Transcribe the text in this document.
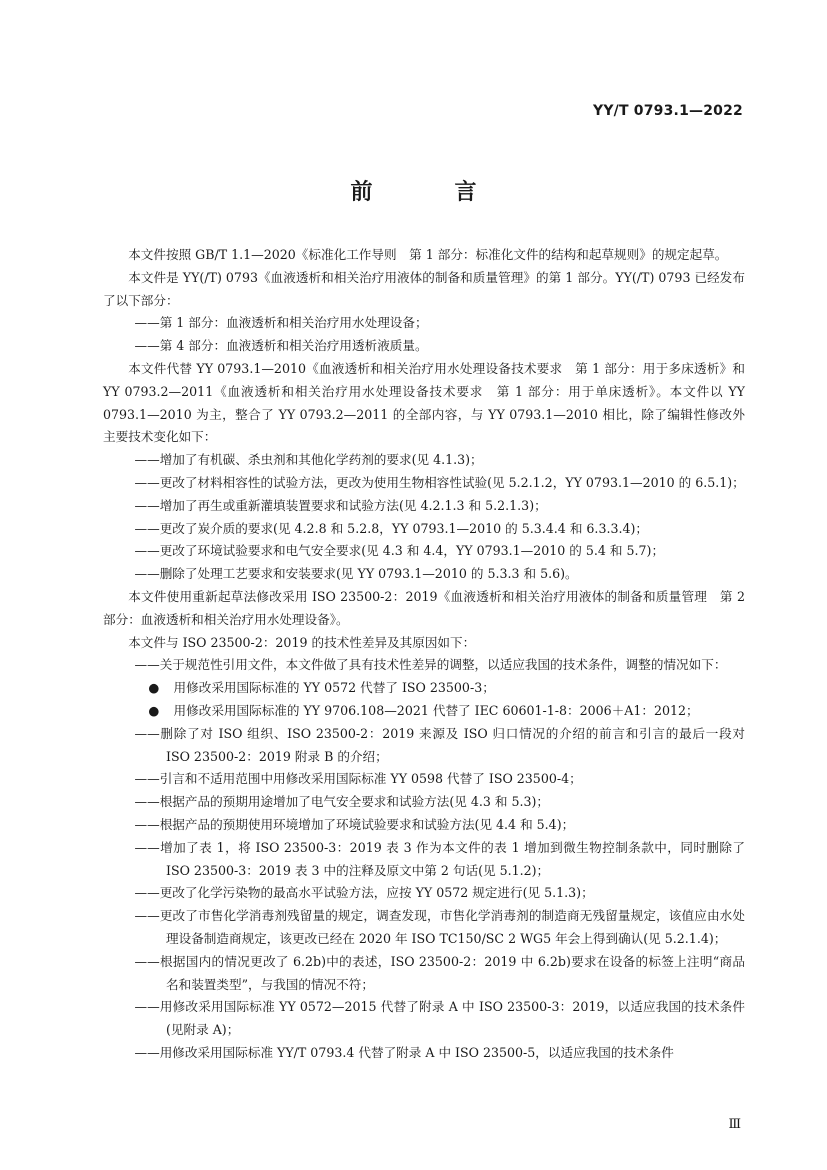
YY/T 0793.1—2022
前　言

本文件按照 GB/T 1.1—2020《标准化工作导则　第 1 部分：标准化文件的结构和起草规则》的规定起草。

本文件是 YY(/T) 0793《血液透析和相关治疗用液体的制备和质量管理》的第 1 部分。YY(/T) 0793 已经发布了以下部分：

——第 1 部分：血液透析和相关治疗用水处理设备；

——第 4 部分：血液透析和相关治疗用透析液质量。

本文件代替 YY 0793.1—2010《血液透析和相关治疗用水处理设备技术要求　第 1 部分：用于多床透析》和 YY 0793.2—2011《血液透析和相关治疗用水处理设备技术要求　第 1 部分：用于单床透析》。本文件以 YY 0793.1—2010 为主，整合了 YY 0793.2—2011 的全部内容，与 YY 0793.1—2010 相比，除了编辑性修改外主要技术变化如下：

——增加了有机碳、杀虫剂和其他化学药剂的要求(见 4.1.3)；

——更改了材料相容性的试验方法，更改为使用生物相容性试验(见 5.2.1.2，YY 0793.1—2010 的 6.5.1)；

——增加了再生或重新灌填装置要求和试验方法(见 4.2.1.3 和 5.2.1.3)；

——更改了炭介质的要求(见 4.2.8 和 5.2.8，YY 0793.1—2010 的 5.3.4.4 和 6.3.3.4)；

——更改了环境试验要求和电气安全要求(见 4.3 和 4.4，YY 0793.1—2010 的 5.4 和 5.7)；

——删除了处理工艺要求和安装要求(见 YY 0793.1—2010 的 5.3.3 和 5.6)。

本文件使用重新起草法修改采用 ISO 23500-2：2019《血液透析和相关治疗用液体的制备和质量管理　第 2 部分：血液透析和相关治疗用水处理设备》。

本文件与 ISO 23500-2：2019 的技术性差异及其原因如下：

——关于规范性引用文件，本文件做了具有技术性差异的调整，以适应我国的技术条件，调整的情况如下：

● 用修改采用国际标准的 YY 0572 代替了 ISO 23500-3；

● 用修改采用国际标准的 YY 9706.108—2021 代替了 IEC 60601-1-8：2006＋A1：2012；

——删除了对 ISO 组织、ISO 23500-2：2019 来源及 ISO 归口情况的介绍的前言和引言的最后一段对 ISO 23500-2：2019 附录 B 的介绍；

——引言和不适用范围中用修改采用国际标准 YY 0598 代替了 ISO 23500-4；

——根据产品的预期用途增加了电气安全要求和试验方法(见 4.3 和 5.3)；

——根据产品的预期使用环境增加了环境试验要求和试验方法(见 4.4 和 5.4)；

——增加了表 1，将 ISO 23500-3：2019 表 3 作为本文件的表 1 增加到微生物控制条款中，同时删除了 ISO 23500-3：2019 表 3 中的注释及原文中第 2 句话(见 5.1.2)；

——更改了化学污染物的最高水平试验方法，应按 YY 0572 规定进行(见 5.1.3)；

——更改了市售化学消毒剂残留量的规定，调查发现，市售化学消毒剂的制造商无残留量规定，该值应由水处理设备制造商规定，该更改已经在 2020 年 ISO TC150/SC 2 WG5 年会上得到确认(见 5.2.1.4)；

——根据国内的情况更改了 6.2b)中的表述，ISO 23500-2：2019 中 6.2b)要求在设备的标签上注明“商品名和装置类型”，与我国的情况不符；

——用修改采用国际标准 YY 0572—2015 代替了附录 A 中 ISO 23500-3：2019，以适应我国的技术条件(见附录 A)；

——用修改采用国际标准 YY/T 0793.4 代替了附录 A 中 ISO 23500-5，以适应我国的技术条件

Ⅲ
